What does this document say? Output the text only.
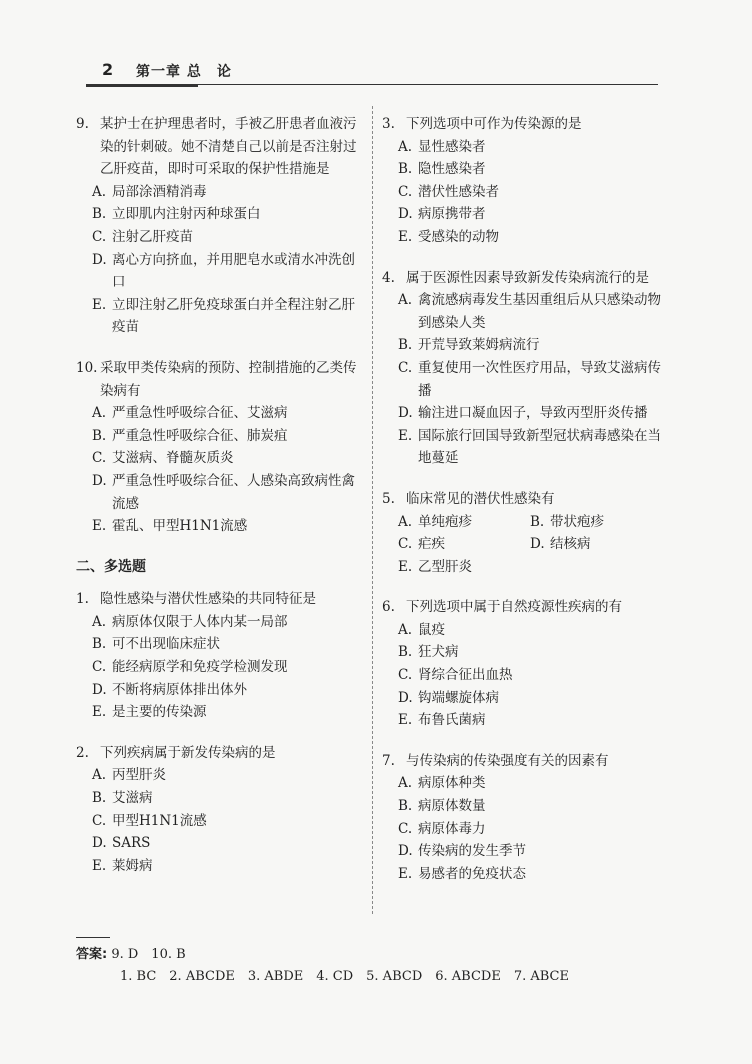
2 第一章 总　论
9. 某护士在护理患者时，手被乙肝患者血液污染的针刺破。她不清楚自己以前是否注射过乙肝疫苗，即时可采取的保护性措施是
A. 局部涂酒精消毒
B. 立即肌内注射丙种球蛋白
C. 注射乙肝疫苗
D. 离心方向挤血，并用肥皂水或清水冲洗创口
E. 立即注射乙肝免疫球蛋白并全程注射乙肝疫苗
10. 采取甲类传染病的预防、控制措施的乙类传染病有
A. 严重急性呼吸综合征、艾滋病
B. 严重急性呼吸综合征、肺炭疽
C. 艾滋病、脊髓灰质炎
D. 严重急性呼吸综合征、人感染高致病性禽流感
E. 霍乱、甲型H1N1流感
二、多选题
1. 隐性感染与潜伏性感染的共同特征是
A. 病原体仅限于人体内某一局部
B. 可不出现临床症状
C. 能经病原学和免疫学检测发现
D. 不断将病原体排出体外
E. 是主要的传染源
2. 下列疾病属于新发传染病的是
A. 丙型肝炎
B. 艾滋病
C. 甲型H1N1流感
D. SARS
E. 莱姆病
3. 下列选项中可作为传染源的是
A. 显性感染者
B. 隐性感染者
C. 潜伏性感染者
D. 病原携带者
E. 受感染的动物
4. 属于医源性因素导致新发传染病流行的是
A. 禽流感病毒发生基因重组后从只感染动物到感染人类
B. 开荒导致莱姆病流行
C. 重复使用一次性医疗用品，导致艾滋病传播
D. 输注进口凝血因子，导致丙型肝炎传播
E. 国际旅行回国导致新型冠状病毒感染在当地蔓延
5. 临床常见的潜伏性感染有
A. 单纯疱疹	B. 带状疱疹
C. 疟疾	D. 结核病
E. 乙型肝炎
6. 下列选项中属于自然疫源性疾病的有
A. 鼠疫
B. 狂犬病
C. 肾综合征出血热
D. 钩端螺旋体病
E. 布鲁氏菌病
7. 与传染病的传染强度有关的因素有
A. 病原体种类
B. 病原体数量
C. 病原体毒力
D. 传染病的发生季节
E. 易感者的免疫状态
答案: 9. D　10. B
1. BC　2. ABCDE　3. ABDE　4. CD　5. ABCD　6. ABCDE　7. ABCE
